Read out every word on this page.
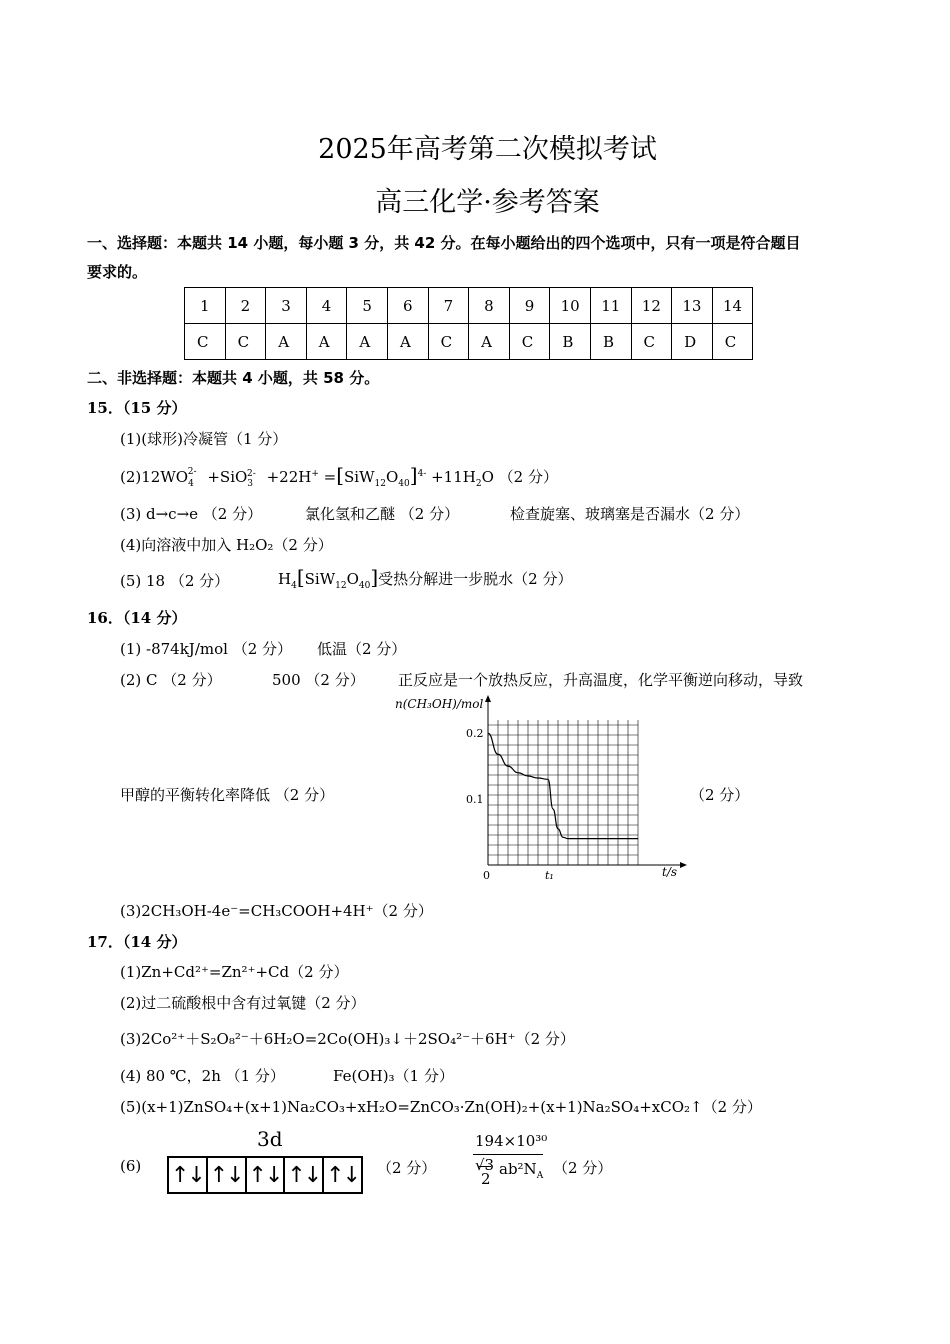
2025年高考第二次模拟考试
高三化学·参考答案
一、选择题：本题共 14 小题，每小题 3 分，共 42 分。在每小题给出的四个选项中，只有一项是符合题目
要求的。
1	2	3	4	5	6	7	8	9	10	11	12	13	14
C	C	A	A	A	A	C	A	C	B	B	C	D	C
二、非选择题：本题共 4 小题，共 58 分。
15．（15 分）
(1)(球形)冷凝管（1 分）
$(2)12WO_4^{2-} +SiO_3^{2-} +22H^+ =[SiW_{12}O_{40}]^{4-} +11H_2O$ （2 分）
(3) d→c→e （2 分）	氯化氢和乙醚 （2 分）	检查旋塞、玻璃塞是否漏水（2 分）
(4)向溶液中加入 H₂O₂（2 分）
(5) 18 （2 分）	$H_4[SiW_{12}O_{40}]$受热分解进一步脱水（2 分）
16．（14 分）
(1) -874kJ/mol （2 分） 低温（2 分）
(2) C （2 分）	500 （2 分） 正反应是一个放热反应，升高温度，化学平衡逆向移动，导致
甲醇的平衡转化率降低 （2 分）	（2 分）
n(CH₃OH)/mol
0.2
0.1
0	t₁	t/s
(3)2CH₃OH-4e⁻=CH₃COOH+4H⁺（2 分）
17．（14 分）
(1)Zn+Cd²⁺=Zn²⁺+Cd（2 分）
(2)过二硫酸根中含有过氧键（2 分）
(3)2Co²⁺＋S₂O₈²⁻＋6H₂O=2Co(OH)₃↓＋2SO₄²⁻＋6H⁺（2 分）
(4) 80 ℃，2h （1 分）	Fe(OH)₃（1 分）
(5)(x+1)ZnSO₄+(x+1)Na₂CO₃+xH₂O=ZnCO₃·Zn(OH)₂+(x+1)Na₂SO₄+xCO₂↑（2 分）
(6)
3d
↑↓ ↑↓ ↑↓ ↑↓ ↑↓ （2 分）
194×10³⁰
√3
2
$ab^2N_A$ （2 分）
